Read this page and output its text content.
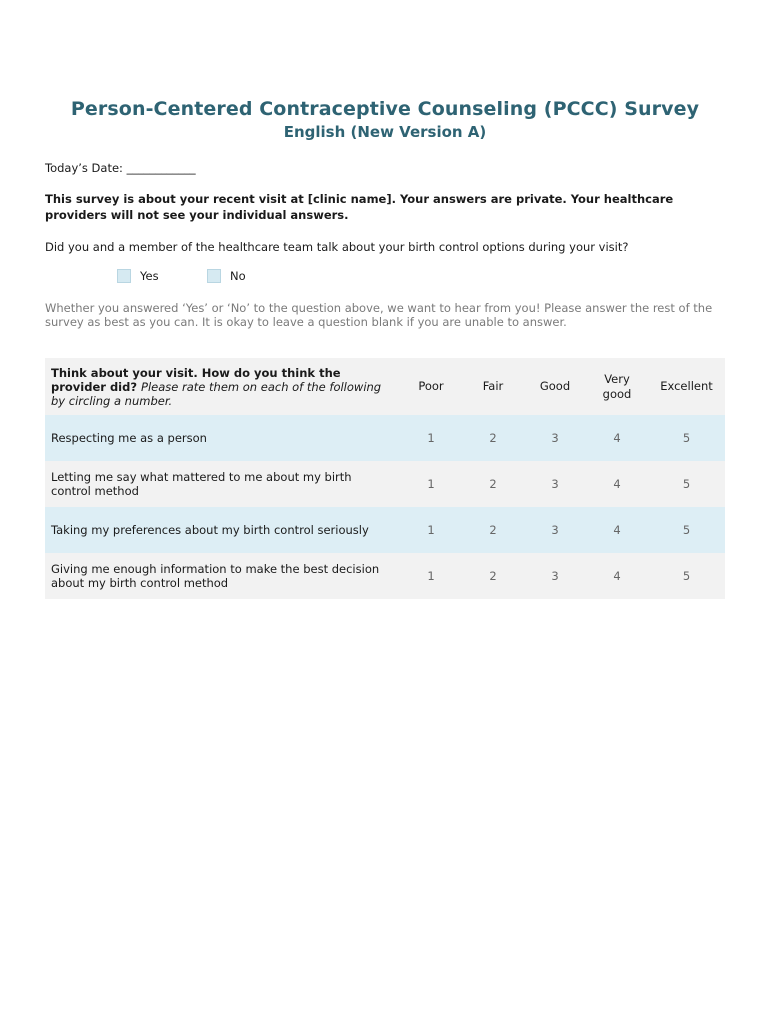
Person-Centered Contraceptive Counseling (PCCC) Survey
English (New Version A)
Today’s Date: ____________
This survey is about your recent visit at [clinic name]. Your answers are private. Your healthcare providers will not see your individual answers.
Did you and a member of the healthcare team talk about your birth control options during your visit?
Yes	No
Whether you answered ‘Yes’ or ‘No’ to the question above, we want to hear from you! Please answer the rest of the survey as best as you can. It is okay to leave a question blank if you are unable to answer.
Think about your visit. How do you think the provider did? Please rate them on each of the following by circling a number.	Poor	Fair	Good	Very good	Excellent
Respecting me as a person	1	2	3	4	5
Letting me say what mattered to me about my birth control method	1	2	3	4	5
Taking my preferences about my birth control seriously	1	2	3	4	5
Giving me enough information to make the best decision about my birth control method	1	2	3	4	5
